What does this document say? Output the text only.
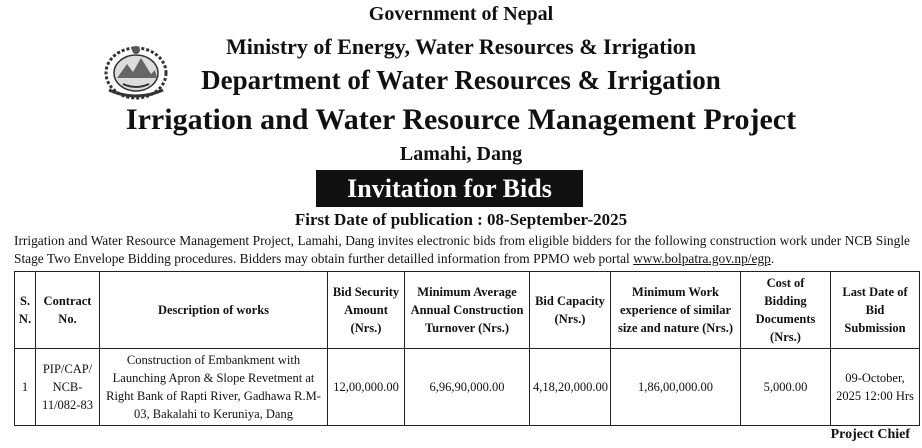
Government of Nepal
Ministry of Energy, Water Resources & Irrigation
Department of Water Resources & Irrigation
Irrigation and Water Resource Management Project
Lamahi, Dang
Invitation for Bids
First Date of publication : 08-September-2025
Irrigation and Water Resource Management Project, Lamahi, Dang invites electronic bids from eligible bidders for the following construction work under NCB Single Stage Two Envelope Bidding procedures. Bidders may obtain further detailled information from PPMO web portal www.bolpatra.gov.np/egp.
S. N.	Contract No.	Description of works	Bid Security Amount (Nrs.)	Minimum Average Annual Construction Turnover (Nrs.)	Bid Capacity (Nrs.)	Minimum Work experience of similar size and nature (Nrs.)	Cost of Bidding Documents (Nrs.)	Last Date of Bid Submission
1	PIP/CAP/ NCB- 11/082-83	Construction of Embankment with Launching Apron & Slope Revetment at Right Bank of Rapti River, Gadhawa R.M- 03, Bakalahi to Keruniya, Dang	12,00,000.00	6,96,90,000.00	4,18,20,000.00	1,86,00,000.00	5,000.00	09-October, 2025 12:00 Hrs
Project Chief
